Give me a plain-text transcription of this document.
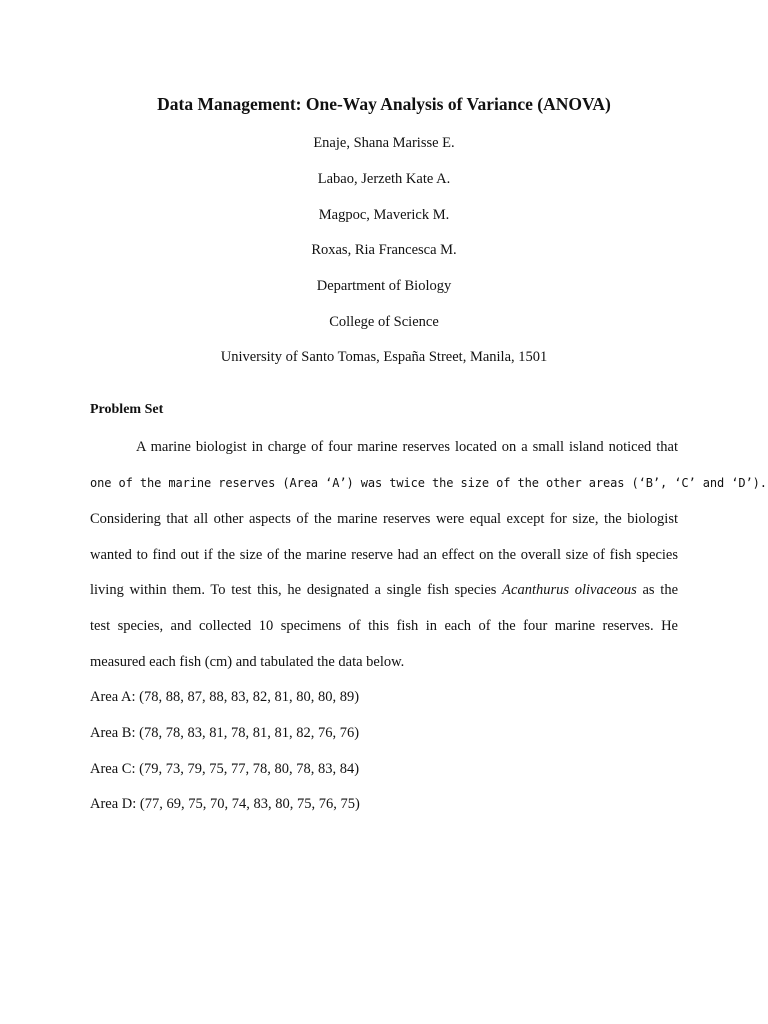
Data Management: One-Way Analysis of Variance (ANOVA)
Enaje, Shana Marisse E.
Labao, Jerzeth Kate A.
Magpoc, Maverick M.
Roxas, Ria Francesca M.
Department of Biology
College of Science
University of Santo Tomas, España Street, Manila, 1501
Problem Set
A marine biologist in charge of four marine reserves located on a small island noticed that
one of the marine reserves (Area ‘A’) was twice the size of the other areas (‘B’, ‘C’ and ‘D’).
Considering that all other aspects of the marine reserves were equal except for size, the biologist
wanted to find out if the size of the marine reserve had an effect on the overall size of fish species
living within them. To test this, he designated a single fish species Acanthurus olivaceous as the
test species, and collected 10 specimens of this fish in each of the four marine reserves. He
measured each fish (cm) and tabulated the data below.
Area A: (78, 88, 87, 88, 83, 82, 81, 80, 80, 89)
Area B: (78, 78, 83, 81, 78, 81, 81, 82, 76, 76)
Area C: (79, 73, 79, 75, 77, 78, 80, 78, 83, 84)
Area D: (77, 69, 75, 70, 74, 83, 80, 75, 76, 75)
